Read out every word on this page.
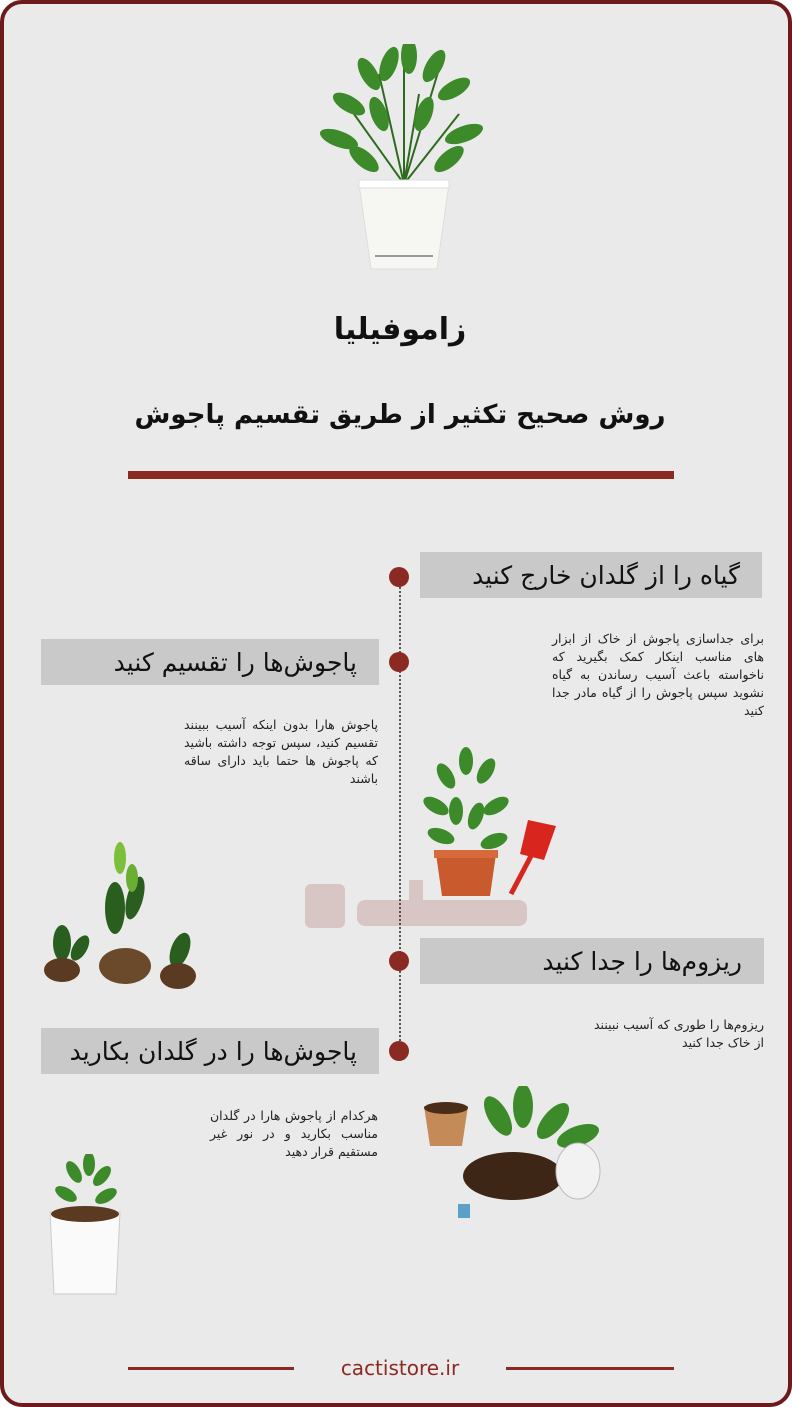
زاموفیلیا
روش صحیح تکثیر از طریق تقسیم پاجوش
گیاه را از گلدان خارج کنید
برای جداسازی پاجوش از خاک از ابزار های مناسب اینکار کمک بگیرید که ناخواسته باعث آسیب رساندن به گیاه نشوید سپس پاجوش را از گیاه مادر جدا کنید
پاجوش‌ها را تقسیم کنید
پاجوش هارا بدون اینکه آسیب ببینند تقسیم کنید، سپس توجه داشته باشید که پاجوش ها حتما باید دارای ساقه باشند
ریزوم‌ها را جدا کنید
ریزوم‌ها را طوری که آسیب نبینند از خاک جدا کنید
پاجوش‌ها را در گلدان بکارید
هرکدام از پاجوش هارا در گلدان مناسب بکارید و در نور غیر مستقیم قرار دهید
cactistore.ir
